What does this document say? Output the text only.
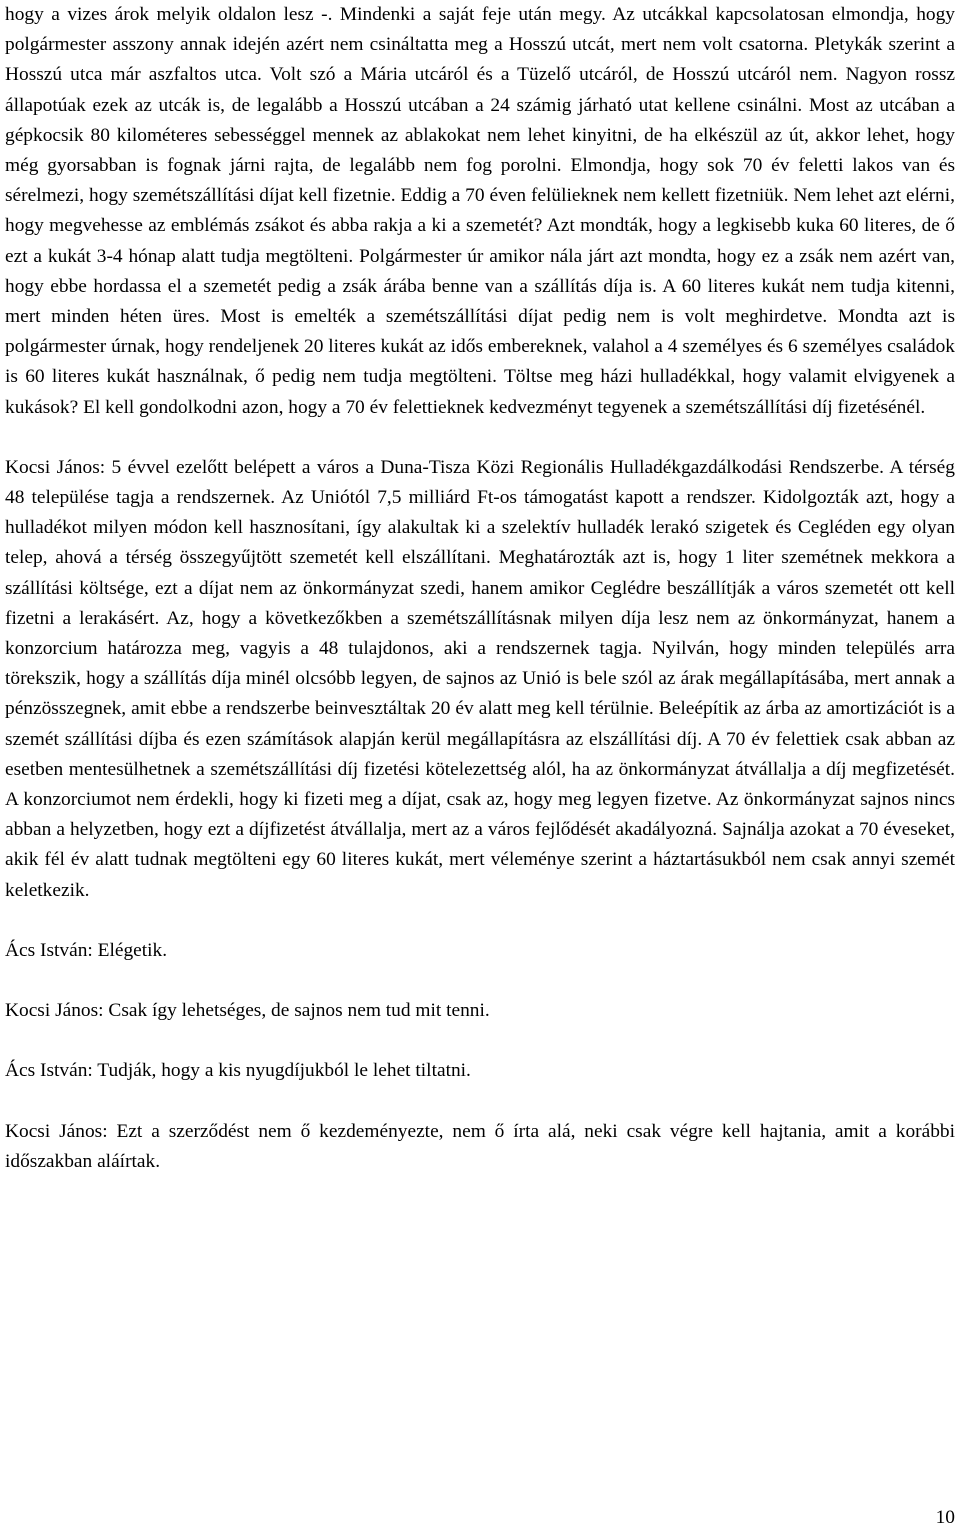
hogy a vizes árok melyik oldalon lesz -. Mindenki a saját feje után megy. Az utcákkal kapcsolatosan elmondja, hogy polgármester asszony annak idején azért nem csináltatta meg a Hosszú utcát, mert nem volt csatorna. Pletykák szerint a Hosszú utca már aszfaltos utca. Volt szó a Mária utcáról és a Tüzelő utcáról, de Hosszú utcáról nem. Nagyon rossz állapotúak ezek az utcák is, de legalább a Hosszú utcában a 24 számig járható utat kellene csinálni. Most az utcában a gépkocsik 80 kilométeres sebességgel mennek az ablakokat nem lehet kinyitni, de ha elkészül az út, akkor lehet, hogy még gyorsabban is fognak járni rajta, de legalább nem fog porolni. Elmondja, hogy sok 70 év feletti lakos van és sérelmezi, hogy szemétszállítási díjat kell fizetnie. Eddig a 70 éven felülieknek nem kellett fizetniük. Nem lehet azt elérni, hogy megvehesse az emblémás zsákot és abba rakja a ki a szemetét? Azt mondták, hogy a legkisebb kuka 60 literes, de ő ezt a kukát 3-4 hónap alatt tudja megtölteni. Polgármester úr amikor nála járt azt mondta, hogy ez a zsák nem azért van, hogy ebbe hordassa el a szemetét pedig a zsák árába benne van a szállítás díja is. A 60 literes kukát nem tudja kitenni, mert minden héten üres. Most is emelték a szemétszállítási díjat pedig nem is volt meghirdetve. Mondta azt is polgármester úrnak, hogy rendeljenek 20 literes kukát az idős embereknek, valahol a 4 személyes és 6 személyes családok is 60 literes kukát használnak, ő pedig nem tudja megtölteni. Töltse meg házi hulladékkal, hogy valamit elvigyenek a kukások? El kell gondolkodni azon, hogy a 70 év felettieknek kedvezményt tegyenek a szemétszállítási díj fizetésénél.

Kocsi János: 5 évvel ezelőtt belépett a város a Duna-Tisza Közi Regionális Hulladékgazdálkodási Rendszerbe. A térség 48 települése tagja a rendszernek. Az Uniótól 7,5 milliárd Ft-os támogatást kapott a rendszer. Kidolgozták azt, hogy a hulladékot milyen módon kell hasznosítani, így alakultak ki a szelektív hulladék lerakó szigetek és Cegléden egy olyan telep, ahová a térség összegyűjtött szemetét kell elszállítani. Meghatározták azt is, hogy 1 liter szemétnek mekkora a szállítási költsége, ezt a díjat nem az önkormányzat szedi, hanem amikor Ceglédre beszállítják a város szemetét ott kell fizetni a lerakásért. Az, hogy a következőkben a szemétszállításnak milyen díja lesz nem az önkormányzat, hanem a konzorcium határozza meg, vagyis a 48 tulajdonos, aki a rendszernek tagja. Nyilván, hogy minden település arra törekszik, hogy a szállítás díja minél olcsóbb legyen, de sajnos az Unió is bele szól az árak megállapításába, mert annak a pénzösszegnek, amit ebbe a rendszerbe beinvesztáltak 20 év alatt meg kell térülnie. Beleépítik az árba az amortizációt is a szemét szállítási díjba és ezen számítások alapján kerül megállapításra az elszállítási díj. A 70 év felettiek csak abban az esetben mentesülhetnek a szemétszállítási díj fizetési kötelezettség alól, ha az önkormányzat átvállalja a díj megfizetését. A konzorciumot nem érdekli, hogy ki fizeti meg a díjat, csak az, hogy meg legyen fizetve. Az önkormányzat sajnos nincs abban a helyzetben, hogy ezt a díjfizetést átvállalja, mert az a város fejlődését akadályozná. Sajnálja azokat a 70 éveseket, akik fél év alatt tudnak megtölteni egy 60 literes kukát, mert véleménye szerint a háztartásukból nem csak annyi szemét keletkezik.

Ács István: Elégetik.

Kocsi János: Csak így lehetséges, de sajnos nem tud mit tenni.

Ács István: Tudják, hogy a kis nyugdíjukból le lehet tiltatni.

Kocsi János: Ezt a szerződést nem ő kezdeményezte, nem ő írta alá, neki csak végre kell hajtania, amit a korábbi időszakban aláírtak.

10
